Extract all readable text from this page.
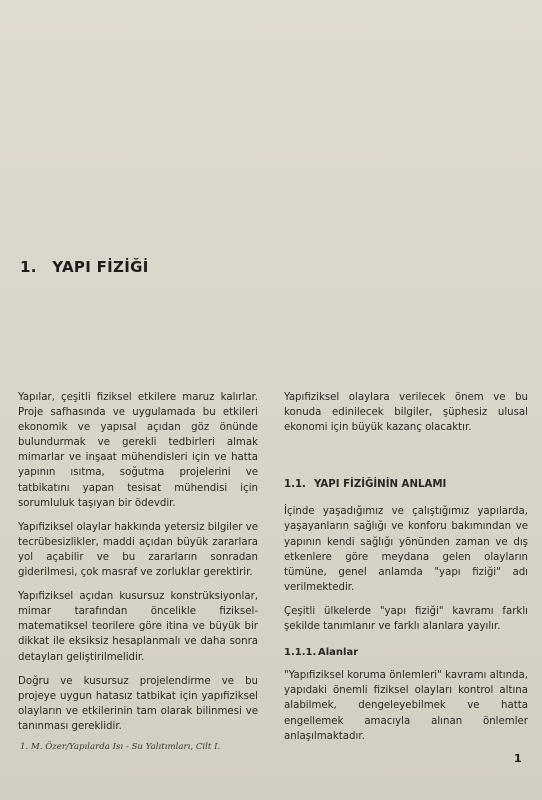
1. YAPI FİZİĞİ

Yapılar, çeşitli fiziksel etkilere maruz kalırlar. Proje safhasında ve uygulamada bu etkileri ekonomik ve yapısal açıdan göz önünde bulundurmak ve gerekli tedbirleri almak mimarlar ve inşaat mühendisleri için ve hatta yapının ısıtma, soğutma projelerini ve tatbikatını yapan tesisat mühendisi için sorumluluk taşıyan bir ödevdir.

Yapıfiziksel olaylar hakkında yetersiz bilgiler ve tecrübesizlikler, maddi açıdan büyük zararlara yol açabilir ve bu zararların sonradan giderilmesi, çok masraf ve zorluklar gerektirir.

Yapıfiziksel açıdan kusursuz konstrüksiyonlar, mimar tarafından öncelikle fiziksel-matematiksel teorilere göre itina ve büyük bir dikkat ile eksiksiz hesaplanmalı ve daha sonra detayları geliştirilmelidir.

Doğru ve kusursuz projelendirme ve bu projeye uygun hatasız tatbikat için yapıfiziksel olayların ve etkilerinin tam olarak bilinmesi ve tanınması gereklidir.

Yapıfiziksel olaylara verilecek önem ve bu konuda edinilecek bilgiler, şüphesiz ulusal ekonomi için büyük kazanç olacaktır.

1.1. YAPI FİZİĞİNİN ANLAMI

İçinde yaşadığımız ve çalıştığımız yapılarda, yaşayanların sağlığı ve konforu bakımından ve yapının kendi sağlığı yönünden zaman ve dış etkenlere göre meydana gelen olayların tümüne, genel anlamda "yapı fiziği" adı verilmektedir.

Çeşitli ülkelerde "yapı fiziği" kavramı farklı şekilde tanımlanır ve farklı alanlara yayılır.

1.1.1. Alanlar

"Yapıfiziksel koruma önlemleri" kavramı altında, yapıdaki önemli fiziksel olayları kontrol altına alabilmek, dengeleyebilmek ve hatta engellemek amacıyla alınan önlemler anlaşılmaktadır.

1. M. Özer/Yapılarda Isı - Su Yalıtımları, Cilt I.
1
